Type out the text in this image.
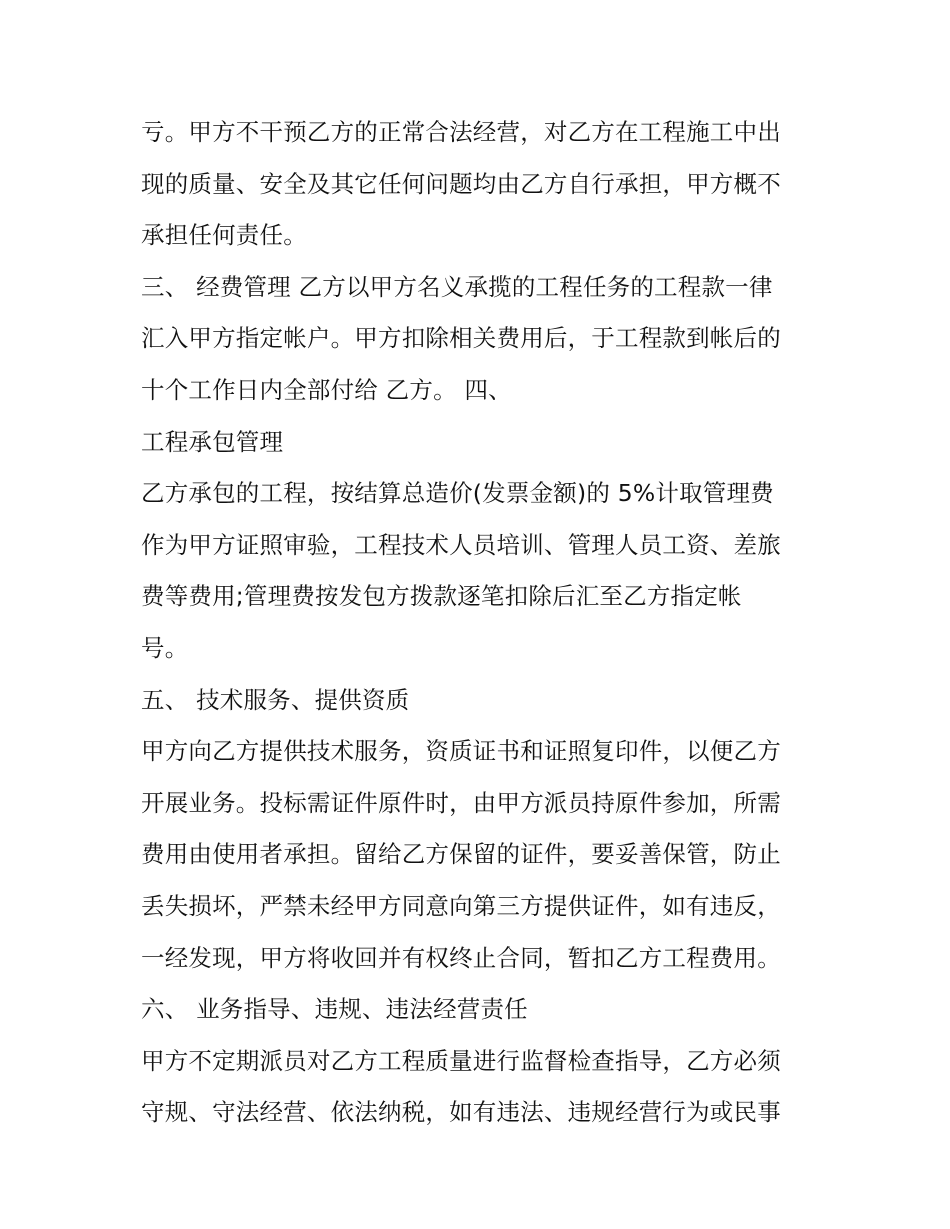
亏。甲方不干预乙方的正常合法经营，对乙方在工程施工中出
现的质量、安全及其它任何问题均由乙方自行承担，甲方概不
承担任何责任。
三、 经费管理 乙方以甲方名义承揽的工程任务的工程款一律
汇入甲方指定帐户。甲方扣除相关费用后，于工程款到帐后的
十个工作日内全部付给 乙方。 四、
工程承包管理
乙方承包的工程，按结算总造价(发票金额)的 5%计取管理费
作为甲方证照审验，工程技术人员培训、管理人员工资、差旅
费等费用;管理费按发包方拨款逐笔扣除后汇至乙方指定帐
号。
五、 技术服务、提供资质
甲方向乙方提供技术服务，资质证书和证照复印件，以便乙方
开展业务。投标需证件原件时，由甲方派员持原件参加，所需
费用由使用者承担。留给乙方保留的证件，要妥善保管，防止
丢失损坏，严禁未经甲方同意向第三方提供证件，如有违反，
一经发现，甲方将收回并有权终止合同，暂扣乙方工程费用。
六、 业务指导、违规、违法经营责任
甲方不定期派员对乙方工程质量进行监督检查指导，乙方必须
守规、守法经营、依法纳税，如有违法、违规经营行为或民事
